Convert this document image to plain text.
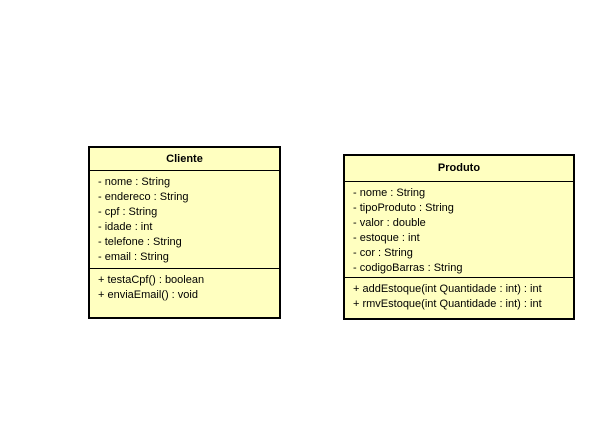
Cliente
- nome : String
- endereco : String
- cpf : String
- idade : int
- telefone : String
- email : String
+ testaCpf() : boolean
+ enviaEmail() : void
Produto
- nome : String
- tipoProduto : String
- valor : double
- estoque : int
- cor : String
- codigoBarras : String
+ addEstoque(int Quantidade : int) : int
+ rmvEstoque(int Quantidade : int) : int
